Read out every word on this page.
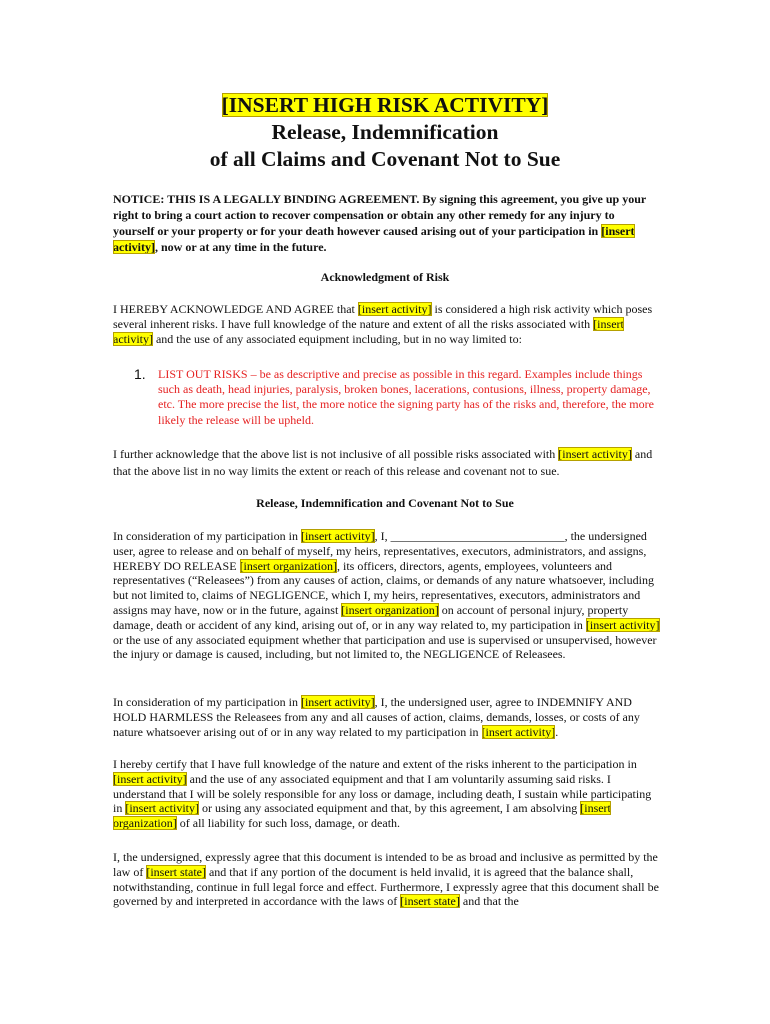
[INSERT HIGH RISK ACTIVITY]
Release, Indemnification
of all Claims and Covenant Not to Sue
NOTICE: THIS IS A LEGALLY BINDING AGREEMENT. By signing this agreement, you give up your right to bring a court action to recover compensation or obtain any other remedy for any injury to yourself or your property or for your death however caused arising out of your participation in [insert activity], now or at any time in the future.
Acknowledgment of Risk
I HEREBY ACKNOWLEDGE AND AGREE that [insert activity] is considered a high risk activity which poses several inherent risks. I have full knowledge of the nature and extent of all the risks associated with [insert activity] and the use of any associated equipment including, but in no way limited to:
1. LIST OUT RISKS – be as descriptive and precise as possible in this regard. Examples include things such as death, head injuries, paralysis, broken bones, lacerations, contusions, illness, property damage, etc. The more precise the list, the more notice the signing party has of the risks and, therefore, the more likely the release will be upheld.
I further acknowledge that the above list is not inclusive of all possible risks associated with [insert activity] and that the above list in no way limits the extent or reach of this release and covenant not to sue.
Release, Indemnification and Covenant Not to Sue
In consideration of my participation in [insert activity], I, _____________________________, the undersigned user, agree to release and on behalf of myself, my heirs, representatives, executors, administrators, and assigns, HEREBY DO RELEASE [insert organization], its officers, directors, agents, employees, volunteers and representatives (“Releasees”) from any causes of action, claims, or demands of any nature whatsoever, including but not limited to, claims of NEGLIGENCE, which I, my heirs, representatives, executors, administrators and assigns may have, now or in the future, against [insert organization] on account of personal injury, property damage, death or accident of any kind, arising out of, or in any way related to, my participation in [insert activity] or the use of any associated equipment whether that participation and use is supervised or unsupervised, however the injury or damage is caused, including, but not limited to, the NEGLIGENCE of Releasees.
In consideration of my participation in [insert activity], I, the undersigned user, agree to INDEMNIFY AND HOLD HARMLESS the Releasees from any and all causes of action, claims, demands, losses, or costs of any nature whatsoever arising out of or in any way related to my participation in [insert activity].
I hereby certify that I have full knowledge of the nature and extent of the risks inherent to the participation in [insert activity] and the use of any associated equipment and that I am voluntarily assuming said risks. I understand that I will be solely responsible for any loss or damage, including death, I sustain while participating in [insert activity] or using any associated equipment and that, by this agreement, I am absolving [insert organization] of all liability for such loss, damage, or death.
I, the undersigned, expressly agree that this document is intended to be as broad and inclusive as permitted by the law of [insert state] and that if any portion of the document is held invalid, it is agreed that the balance shall, notwithstanding, continue in full legal force and effect. Furthermore, I expressly agree that this document shall be governed by and interpreted in accordance with the laws of [insert state] and that the
